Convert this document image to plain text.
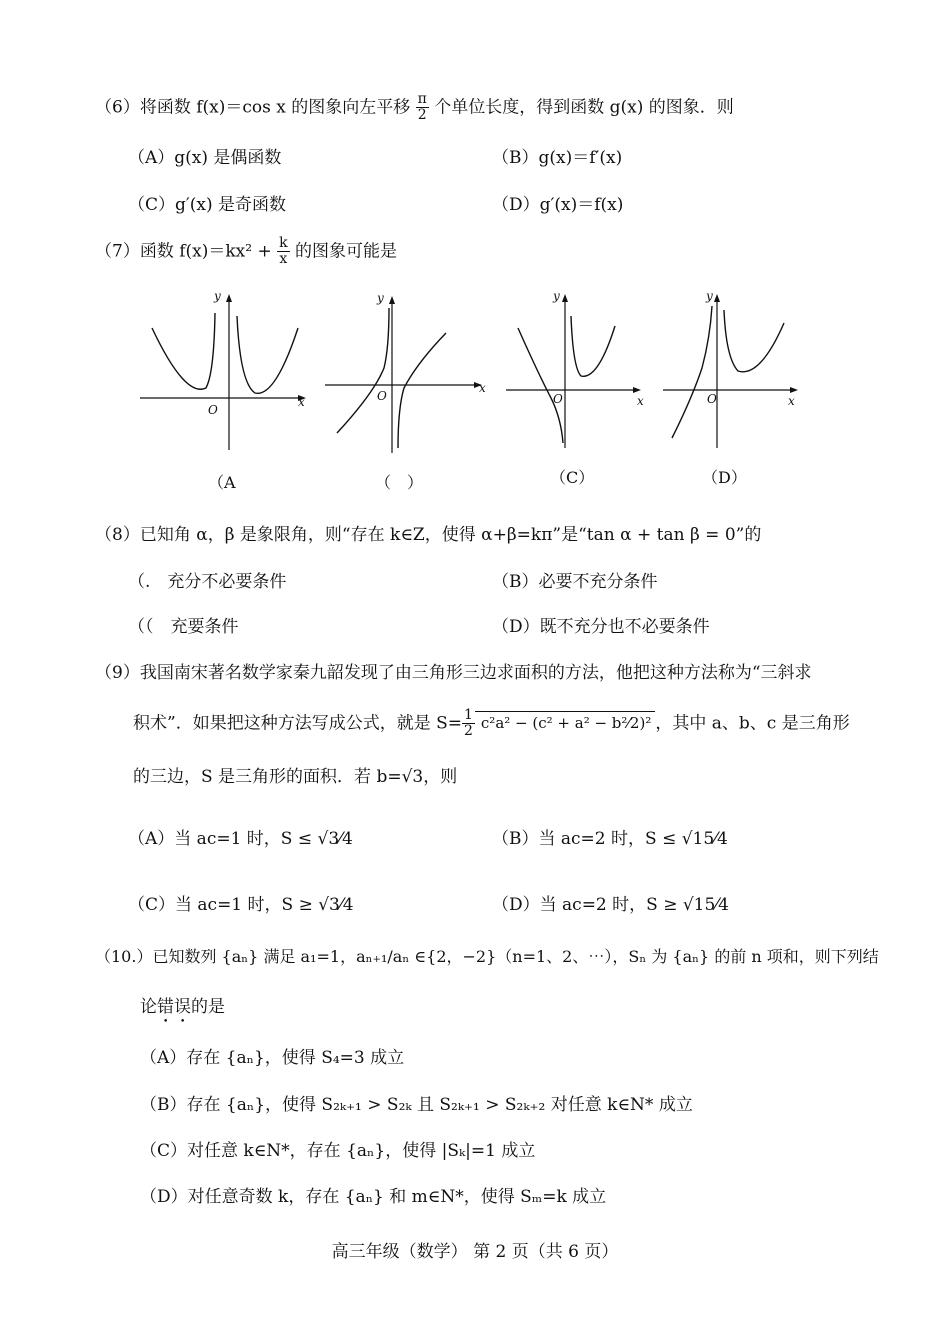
（6）将函数 f(x)＝cos x 的图象向左平移 $\frac{\pi}{2}$ 个单位长度，得到函数 g(x) 的图象．则
（A）g(x) 是偶函数	（B）g(x)＝f′(x)
（C）g′(x) 是奇函数	（D）g′(x)＝f(x)
（7）函数 $f(x)=kx^2 + \frac{k}{x}$ 的图象可能是
y
x
O
（A
y
x
O
（　）
y
x
O
（C）
y
x
O
（D）
（8）已知角 α，β 是象限角，则“存在 k∈Z，使得 α+β=kπ”是“tan α + tan β = 0”的
（.　充分不必要条件	（B）必要不充分条件
（（　充要条件	（D）既不充分也不必要条件
（9）我国南宋著名数学家秦九韶发现了由三角形三边求面积的方法，他把这种方法称为“三斜求
积术”．如果把这种方法写成公式，就是 $S= \frac{1}{2} c^2a^2 - (c^2 + a^2$ − b²⁄2)² ，其中 a、b、c 是三角形
的三边，S 是三角形的面积．若 b=√3，则
（A）当 ac=1 时，S ≤ √3⁄4	（B）当 ac=2 时，S ≤ √15⁄4
（C）当 ac=1 时，S ≥ √3⁄4	（D）当 ac=2 时，S ≥ √15⁄4
（10.）已知数列 {aₙ} 满足 a₁=1，aₙ₊₁/aₙ ∈{2，−2}（n=1、2、⋯），Sₙ 为 {aₙ} 的前 n 项和，则下列结
论错误的是
（A）存在 {aₙ}，使得 S₄=3 成立
（B）存在 {aₙ}，使得 S₂ₖ₊₁ > S₂ₖ 且 S₂ₖ₊₁ > S₂ₖ₊₂ 对任意 k∈N* 成立
（C）对任意 k∈N*，存在 {aₙ}，使得 |Sₖ|=1 成立
（D）对任意奇数 k，存在 {aₙ} 和 m∈N*，使得 Sₘ=k 成立
高三年级（数学） 第 2 页（共 6 页）
